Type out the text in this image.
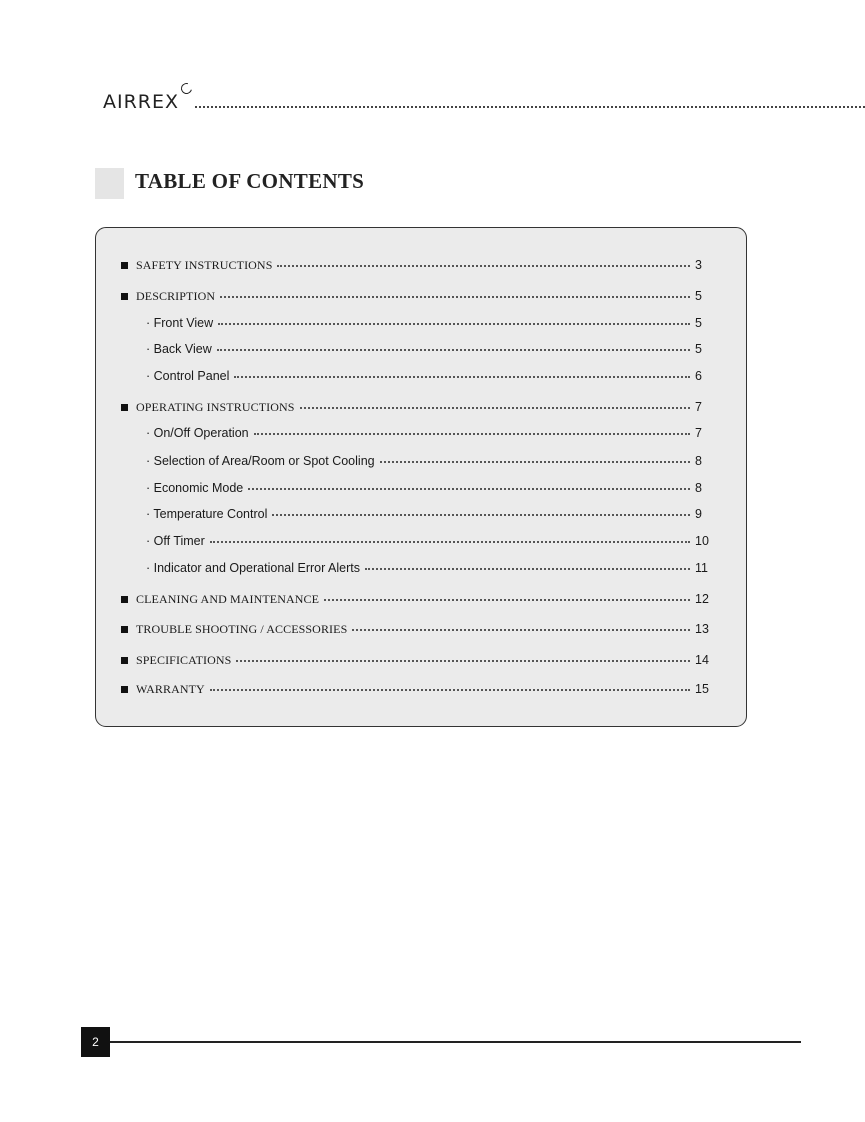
AIRREX
TABLE OF CONTENTS
SAFETY INSTRUCTIONS	3
DESCRIPTION	5
· Front View	5
· Back View	5
· Control Panel	6
OPERATING INSTRUCTIONS	7
· On/Off Operation	7
· Selection of Area/Room or Spot Cooling	8
· Economic Mode	8
· Temperature Control	9
· Off Timer	10
· Indicator and Operational Error Alerts	11
CLEANING AND MAINTENANCE	12
TROUBLE SHOOTING / ACCESSORIES	13
SPECIFICATIONS	14
WARRANTY	15
2
